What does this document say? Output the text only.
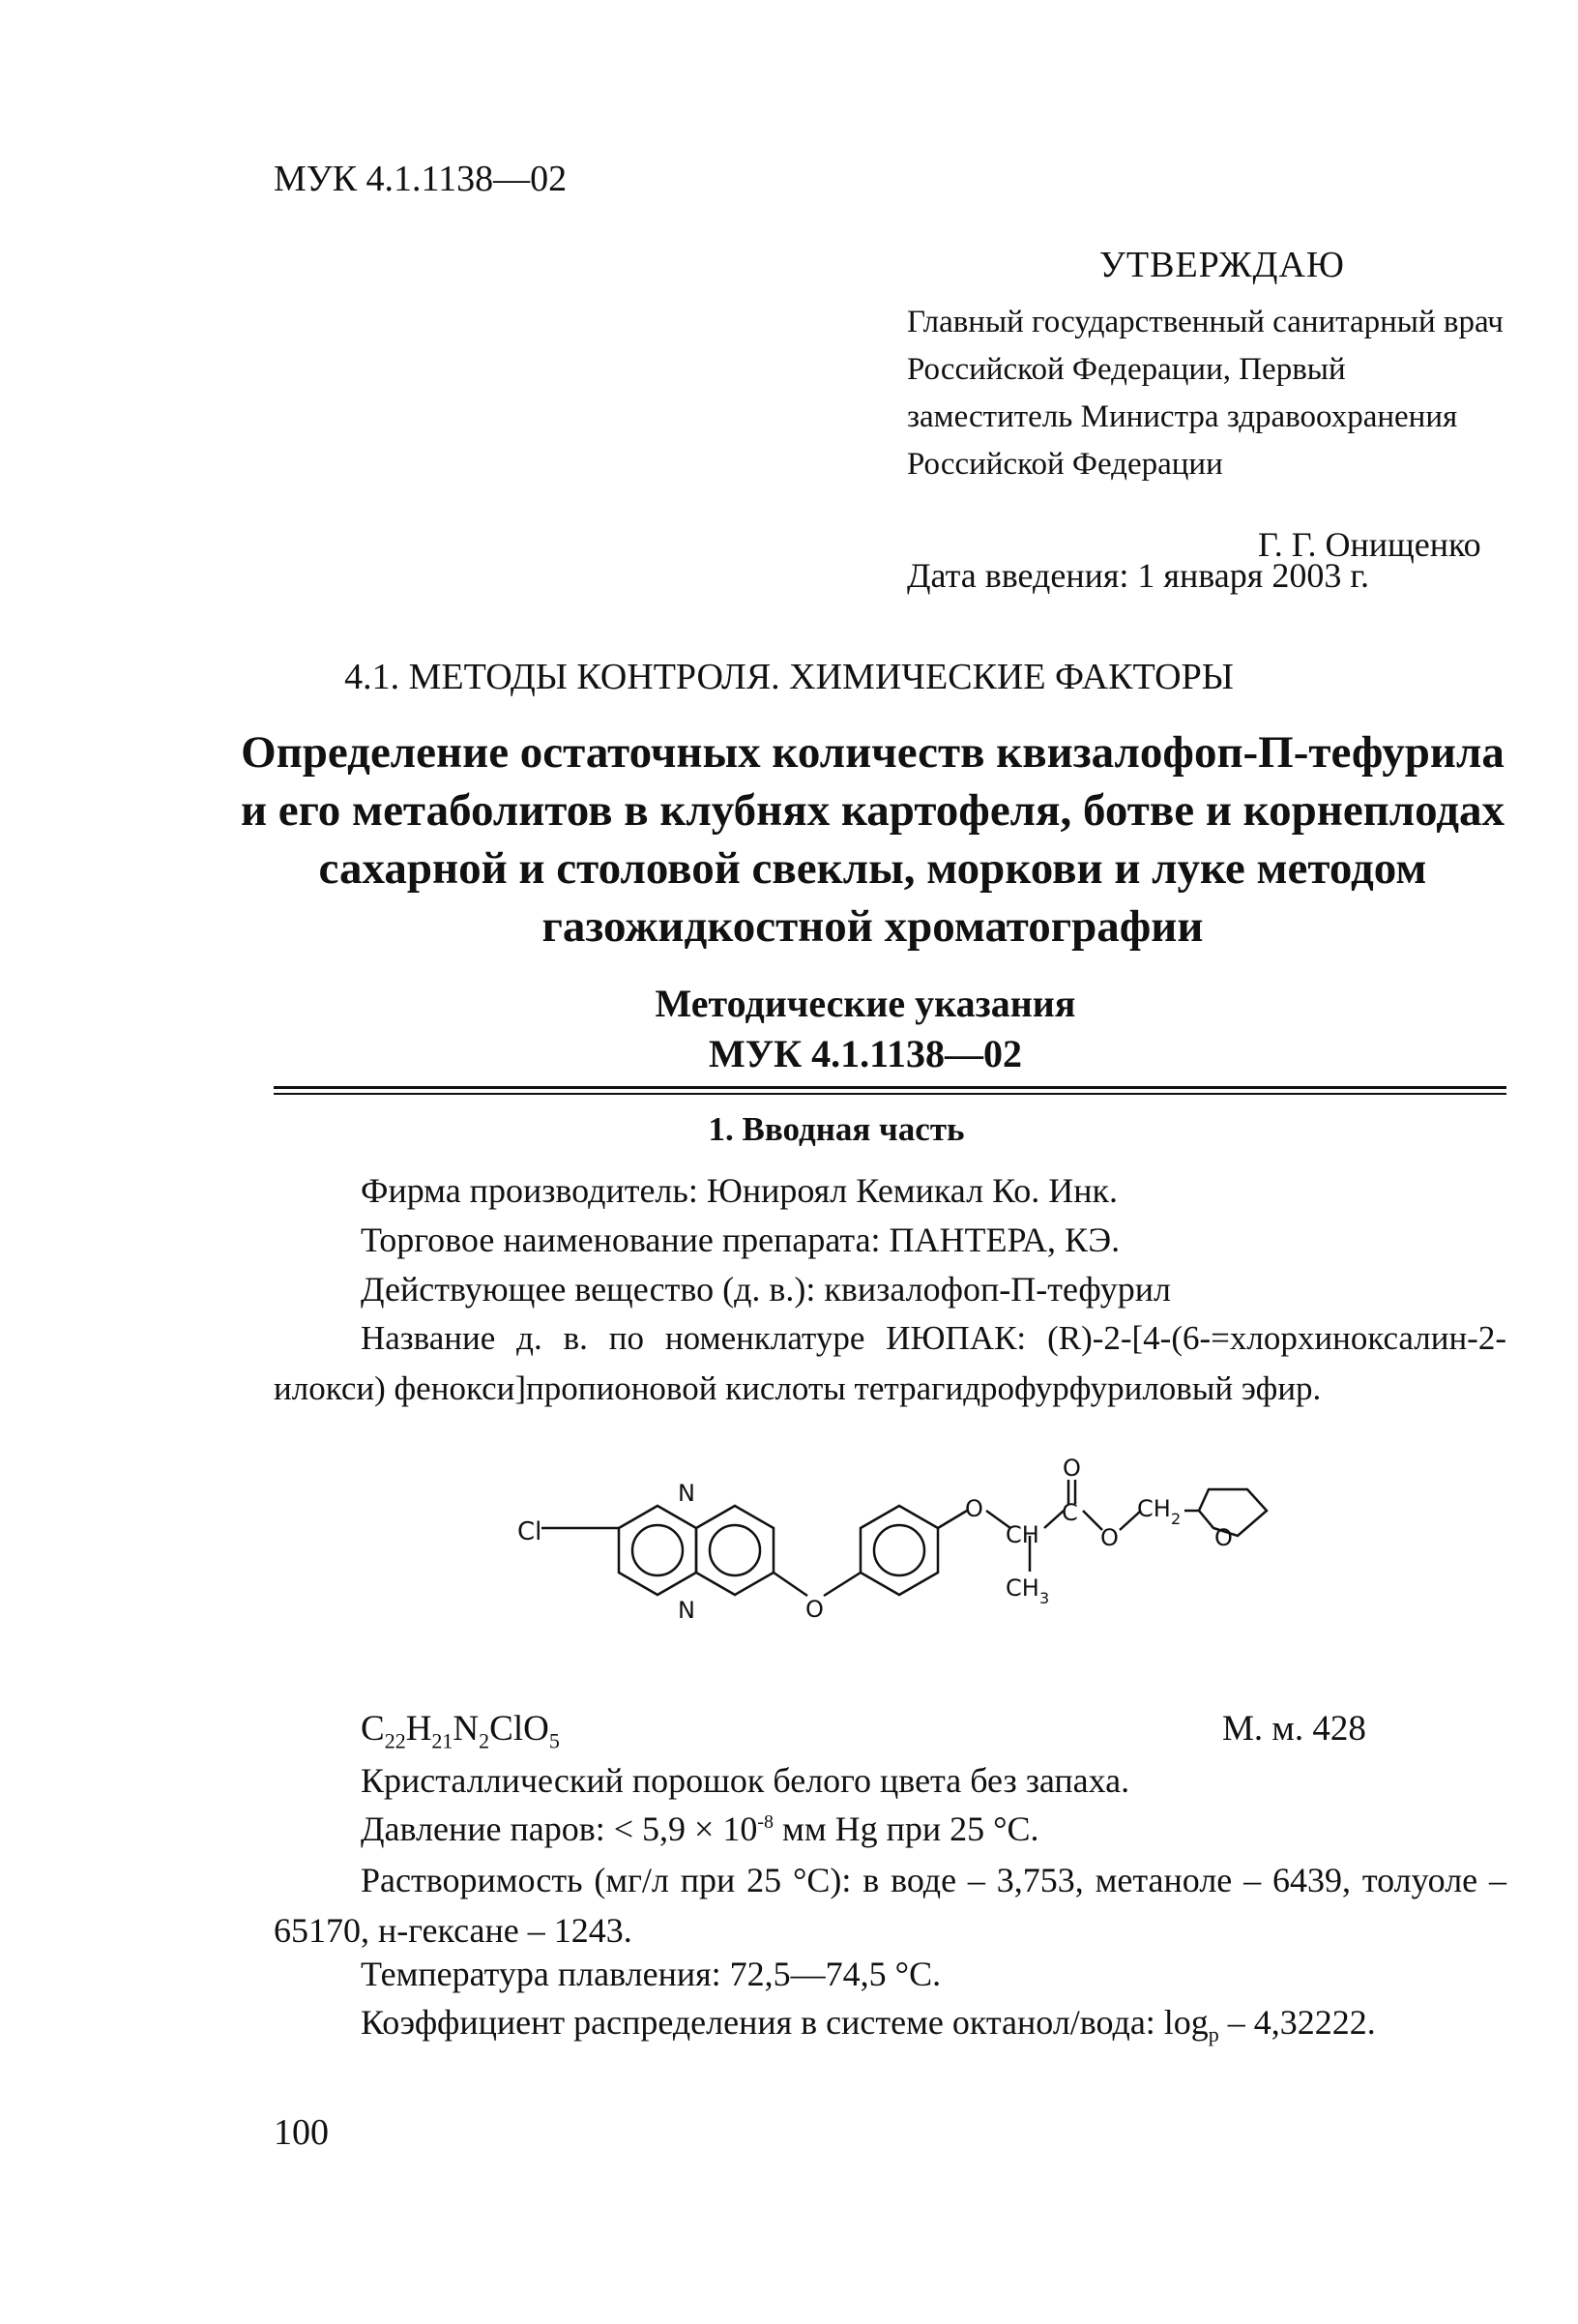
МУК 4.1.1138—02
УТВЕРЖДАЮ
Главный государственный санитарный врач Российской Федерации, Первый заместитель Министра здравоохранения Российской Федерации
Г. Г. Онищенко
Дата введения: 1 января 2003 г.
4.1. МЕТОДЫ КОНТРОЛЯ. ХИМИЧЕСКИЕ ФАКТОРЫ
Определение остаточных количеств квизалофоп-П-тефурила и его метаболитов в клубнях картофеля, ботве и корнеплодах сахарной и столовой свеклы, моркови и луке методом газожидкостной хроматографии
Методические указания
МУК 4.1.1138—02
1. Вводная часть
Фирма производитель: Юнироял Кемикал Ко. Инк.
Торговое наименование препарата: ПАНТЕРА, КЭ.
Действующее вещество (д. в.): квизалофоп-П-тефурил
Название д. в. по номенклатуре ИЮПАК: (R)-2-[4-(6-=хлорхиноксалин-2-илокси) фенокси]пропионовой кислоты тетрагидрофурфуриловый эфир.
Cl
N
N	O
O
O
CH
C
O
CH 2
O
CH 3
$C_{22}H_{21}N_2ClO_5$	М. м. 428
Кристаллический порошок белого цвета без запаха.
Давление паров: < $5,9 \times 10^{-8}$ мм Hg при 25 °С.
Растворимость (мг/л при 25 °С): в воде – 3,753, метаноле – 6439, толуоле – 65170, н-гексане – 1243.
Температура плавления: 72,5—74,5 °С.
Коэффициент распределения в системе октанол/вода: $\log_p - 4,32222$.
100
